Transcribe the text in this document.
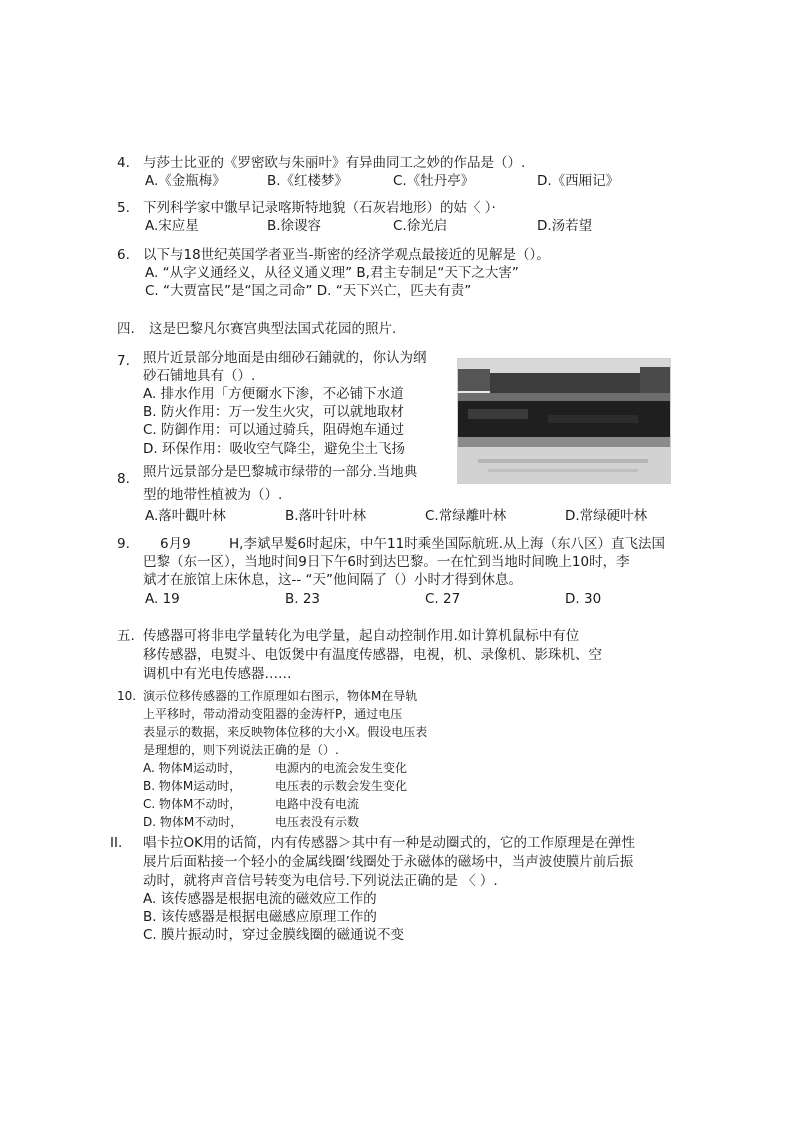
4. 与莎士比亚的《罗密欧与朱丽叶》有异曲同工之妙的作品是（）.
A.《金瓶梅》	B.《红楼梦》	C.《牡丹亭》	D.《西厢记》
5. 下列科学家中馓早记录喀斯特地貌（石灰岩地形）的姑〈 ）·
A.宋应星	B.徐谡容	C.徐光启	D.汤若望
6. 以下与18世纪英国学者亚当-斯密的经济学观点最接近的见解是（）。
A. “从字义通经义，从径义通义理” B,君主专制足“天下之大害”
C. “大贾富民”是“国之司命” D. “天下兴亡，匹夫有责”
四. 这是巴黎凡尔赛宫典型法国式花园的照片.
7. 照片近景部分地面是由细砂石鋪就的，你认为纲
砂石铺地具有（）.
A. 排水作用「方便爾水下渗，不必铺下水道
B. 防火作用：万一发生火灾，可以就地取材
C. 防御作用：可以通过骑兵，阻碍炮车通过
D. 环保作用：吸收空气降尘，避免尘土飞扬
8. 照片远景部分是巴黎城市绿带的一部分.当地典
型的地带性植被为（）.
A.落叶觀叶林	B.落叶针叶林	C.常绿離叶林	D.常绿硬叶林
9. 6月9	H,李斌早髮6时起床，中午11时乘坐国际航班.从上海（东八区）直飞法国
巴黎（东一区），当地时间9日下午6时到达巴黎。一在忙到当地时间晚上10时，李
斌才在旅馆上床休息，这-- “天”他间隔了（）小时才得到休息。
A. 19	B. 23	C. 27	D. 30
五. 传感器可将非电学量转化为电学量，起自动控制作用.如计算机鼠标中有位
移传感器，电熨斗、电饭煲中有温度传感器，电視，机、录像机、影珠机、空
调机中有光电传感器……
10. 演示位移传感器的工作原理如右图示，物体M在导轨
上平移时，带动滑动变阻器的金涛杆P，通过电压
表显示的数据，来反映物体位移的大小X。假设电压表
是理想的，则下列说法正确的是（）.
A. 物体M运动时，	电源内的电流会发生变化
B. 物体M运动时，	电压表的示数会发生变化
C. 物体M不动时，	电路中没有电流
D. 物体M不动时，	电压表没有示数
II. 唱卡拉OK用的话简，内有传感器＞其中有一种是动圈式的，它的工作原理是在弹性
展片后面粘接一个轻小的金属线圈’线圈处于永磁体的磁场中，当声波使膜片前后振
动时，就将声音信号转变为电信号.下列说法正确的是 〈 ）.
A. 该传感器是根据电流的磁效应工作的
B. 该传感器是根据电磁感应原理工作的
C. 膜片振动时，穿过金膜线圈的磁通说不变
